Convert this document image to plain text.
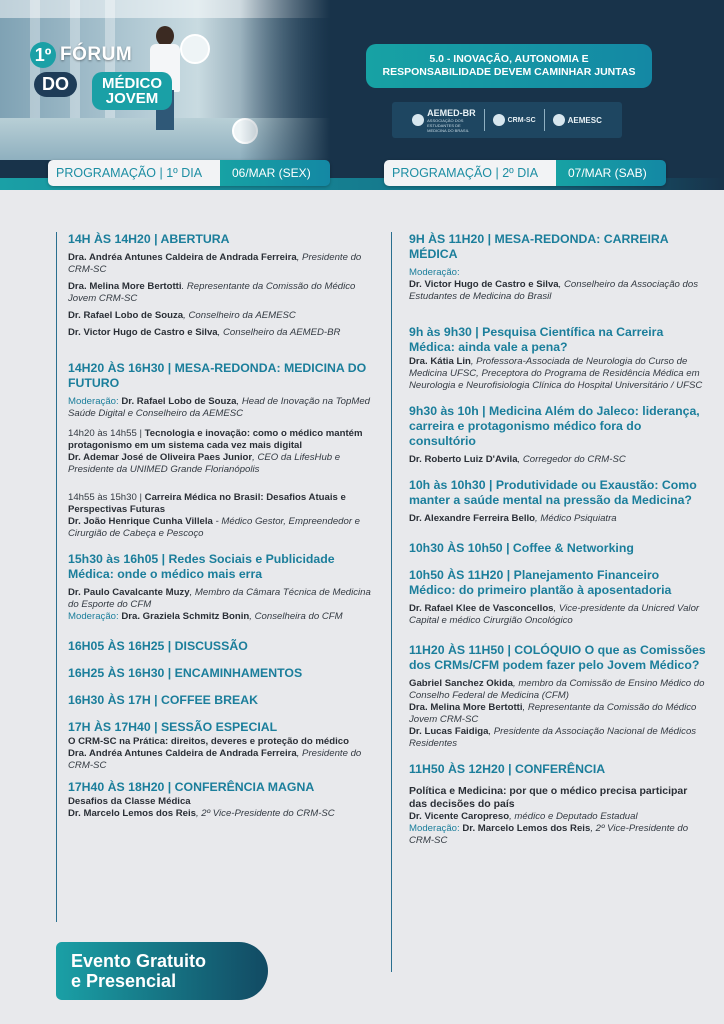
1º FÓRUM
DO	MÉDICO
JOVEM
5.0 - INOVAÇÃO, AUTONOMIA E RESPONSABILIDADE DEVEM CAMINHAR JUNTAS
AEMED-BR
ASSOCIAÇÃO DOS ESTUDANTES DE MEDICINA DO BRASIL
CRM-SC	AEMESC
PROGRAMAÇÃO | 1º DIA	06/MAR (SEX)	PROGRAMAÇÃO | 2º DIA	07/MAR (SAB)
14H ÀS 14H20 | ABERTURA
Dra. Andréa Antunes Caldeira de Andrada Ferreira, Presidente do CRM-SC
Dra. Melina More Bertotti. Representante da Comissão do Médico Jovem CRM-SC
Dr. Rafael Lobo de Souza, Conselheiro da AEMESC
Dr. Victor Hugo de Castro e Silva, Conselheiro da AEMED-BR
14H20 ÀS 16H30 | MESA-REDONDA: MEDICINA DO FUTURO
Moderação: Dr. Rafael Lobo de Souza, Head de Inovação na TopMed Saúde Digital e Conselheiro da AEMESC
14h20 às 14h55 | Tecnologia e inovação: como o médico mantém protagonismo em um sistema cada vez mais digital
Dr. Ademar José de Oliveira Paes Junior, CEO da LifesHub e Presidente da UNIMED Grande Florianópolis
14h55 às 15h30 | Carreira Médica no Brasil: Desafios Atuais e Perspectivas Futuras
Dr. João Henrique Cunha Villela - Médico Gestor, Empreendedor e Cirurgião de Cabeça e Pescoço
15h30 às 16h05 | Redes Sociais e Publicidade Médica: onde o médico mais erra
Dr. Paulo Cavalcante Muzy, Membro da Câmara Técnica de Medicina do Esporte do CFM
Moderação: Dra. Graziela Schmitz Bonin, Conselheira do CFM
16H05 ÀS 16H25 | DISCUSSÃO
16H25 ÀS 16H30 | ENCAMINHAMENTOS
16H30 ÀS 17H | COFFEE BREAK
17H ÀS 17H40 | SESSÃO ESPECIAL
O CRM-SC na Prática: direitos, deveres e proteção do médico
Dra. Andréa Antunes Caldeira de Andrada Ferreira, Presidente do CRM-SC
17H40 ÀS 18H20 | CONFERÊNCIA MAGNA
Desafios da Classe Médica
Dr. Marcelo Lemos dos Reis, 2º Vice-Presidente do CRM-SC
9H ÀS 11H20 | MESA-REDONDA: CARREIRA MÉDICA
Moderação:
Dr. Victor Hugo de Castro e Silva, Conselheiro da Associação dos Estudantes de Medicina do Brasil
9h às 9h30 | Pesquisa Científica na Carreira Médica: ainda vale a pena?
Dra. Kátia Lin, Professora-Associada de Neurologia do Curso de Medicina UFSC, Preceptora do Programa de Residência Médica em Neurologia e Neurofisiologia Clínica do Hospital Universitário / UFSC
9h30 às 10h | Medicina Além do Jaleco: liderança, carreira e protagonismo médico fora do consultório
Dr. Roberto Luiz D'Avila, Corregedor do CRM-SC
10h às 10h30 | Produtividade ou Exaustão: Como manter a saúde mental na pressão da Medicina?
Dr. Alexandre Ferreira Bello, Médico Psiquiatra
10h30 ÀS 10h50 | Coffee & Networking
10h50 ÀS 11H20 | Planejamento Financeiro Médico: do primeiro plantão à aposentadoria
Dr. Rafael Klee de Vasconcellos, Vice-presidente da Unicred Valor Capital e médico Cirurgião Oncológico
11H20 ÀS 11H50 | COLÓQUIO O que as Comissões dos CRMs/CFM podem fazer pelo Jovem Médico?
Gabriel Sanchez Okida, membro da Comissão de Ensino Médico do Conselho Federal de Medicina (CFM)
Dra. Melina More Bertotti, Representante da Comissão do Médico Jovem CRM-SC
Dr. Lucas Faidiga, Presidente da Associação Nacional de Médicos Residentes
11H50 ÀS 12H20 | CONFERÊNCIA
Política e Medicina: por que o médico precisa participar das decisões do país
Dr. Vicente Caropreso, médico e Deputado Estadual
Moderação: Dr. Marcelo Lemos dos Reis, 2º Vice-Presidente do CRM-SC
Evento Gratuito
e Presencial
